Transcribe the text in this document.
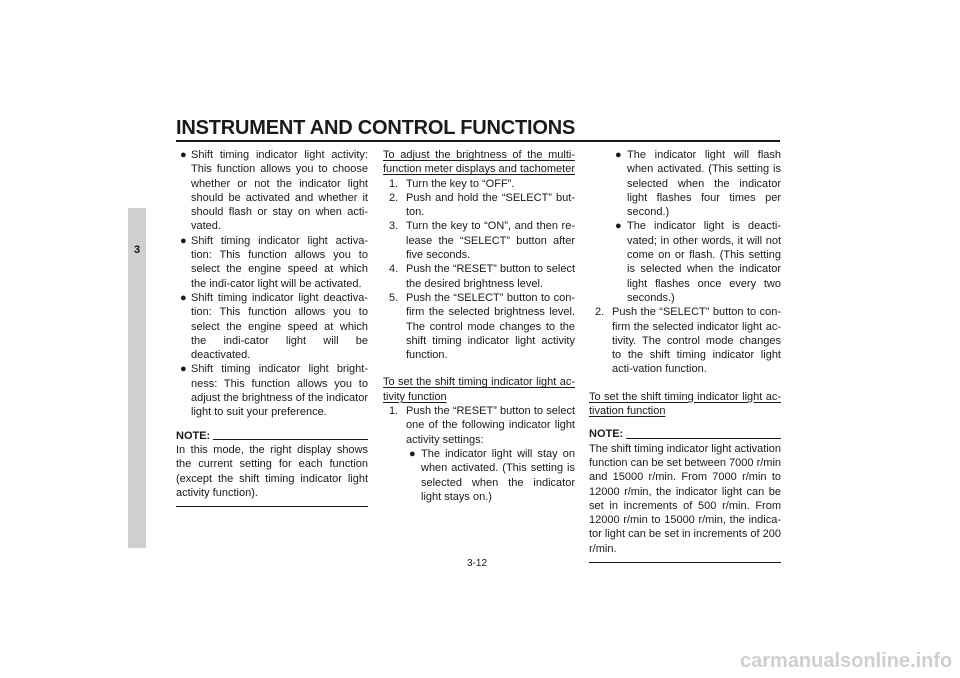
INSTRUMENT AND CONTROL FUNCTIONS
3
● Shift timing indicator light activity: This function allows you to choose whether or not the indicator light should be activated and whether it should flash or stay on when acti-vated.
● Shift timing indicator light activa-tion: This function allows you to select the engine speed at which the indi-cator light will be activated.
● Shift timing indicator light deactiva-tion: This function allows you to select the engine speed at which the indi-cator light will be deactivated.
● Shift timing indicator light bright-ness: This function allows you to adjust the brightness of the indicator light to suit your preference.
NOTE:
In this mode, the right display shows the current setting for each function (except the shift timing indicator light activity function).
To adjust the brightness of the multi-function meter displays and tachometer
1. Turn the key to “OFF”.
2. Push and hold the “SELECT” but-ton.
3. Turn the key to “ON”, and then re-lease the “SELECT” button after five seconds.
4. Push the “RESET” button to select the desired brightness level.
5. Push the “SELECT” button to con-firm the selected brightness level. The control mode changes to the shift timing indicator light activity function.
To set the shift timing indicator light ac-tivity function
1. Push the “RESET” button to select one of the following indicator light activity settings:
● The indicator light will stay on when activated. (This setting is selected when the indicator light stays on.)
● The indicator light will flash when activated. (This setting is selected when the indicator light flashes four times per second.)
● The indicator light is deacti-vated; in other words, it will not come on or flash. (This setting is selected when the indicator light flashes once every two seconds.)
2. Push the “SELECT” button to con-firm the selected indicator light ac-tivity. The control mode changes to the shift timing indicator light acti-vation function.
To set the shift timing indicator light ac-tivation function
NOTE:
The shift timing indicator light activation function can be set between 7000 r/min and 15000 r/min. From 7000 r/min to 12000 r/min, the indicator light can be set in increments of 500 r/min. From 12000 r/min to 15000 r/min, the indica-tor light can be set in increments of 200 r/min.
3-12
carmanualsonline.info
